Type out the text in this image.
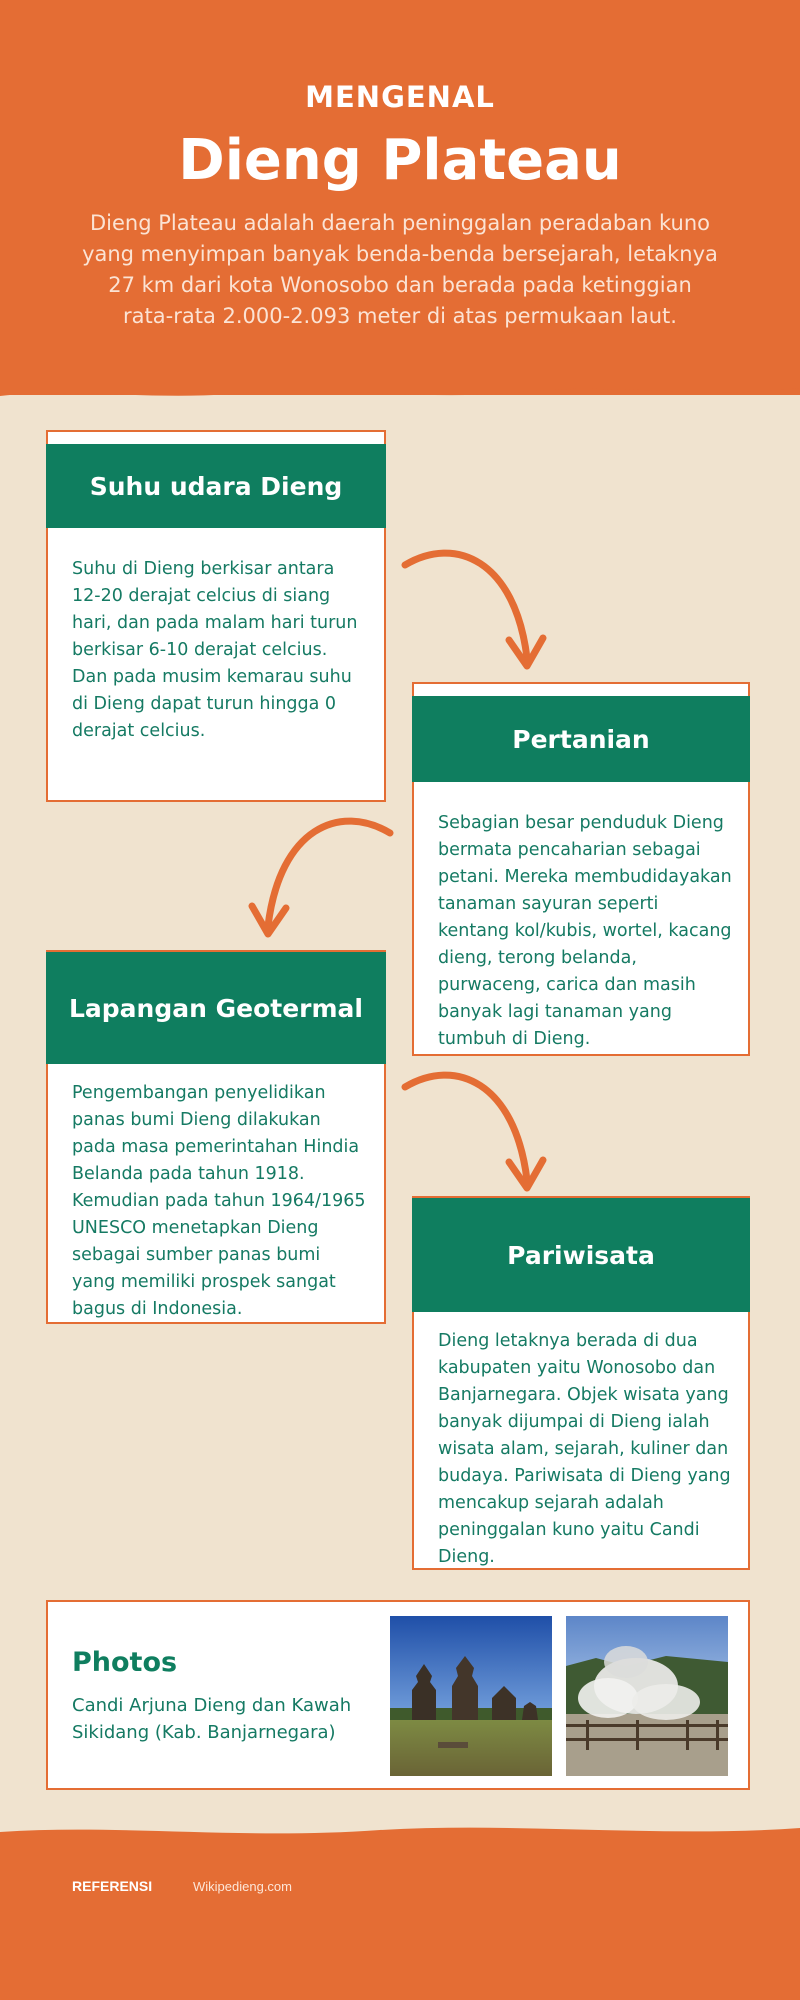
MENGENAL
Dieng Plateau
Dieng Plateau adalah daerah peninggalan peradaban kuno yang menyimpan banyak benda-benda bersejarah, letaknya 27 km dari kota Wonosobo dan berada pada ketinggian rata-rata 2.000-2.093 meter di atas permukaan laut.
Suhu udara Dieng
Suhu di Dieng berkisar antara 12-20 derajat celcius di siang hari, dan pada malam hari turun berkisar 6-10 derajat celcius. Dan pada musim kemarau suhu di Dieng dapat turun hingga 0 derajat celcius.	Pertanian
Sebagian besar penduduk Dieng bermata pencaharian sebagai petani. Mereka membudidayakan tanaman sayuran seperti kentang kol/kubis, wortel, kacang dieng, terong belanda, purwaceng, carica dan masih banyak lagi tanaman yang tumbuh di Dieng.
Lapangan Geotermal
Pengembangan penyelidikan panas bumi Dieng dilakukan pada masa pemerintahan Hindia Belanda pada tahun 1918. Kemudian pada tahun 1964/1965 UNESCO menetapkan Dieng sebagai sumber panas bumi yang memiliki prospek sangat bagus di Indonesia.
Pariwisata
Dieng letaknya berada di dua kabupaten yaitu Wonosobo dan Banjarnegara. Objek wisata yang banyak dijumpai di Dieng ialah wisata alam, sejarah, kuliner dan budaya. Pariwisata di Dieng yang mencakup sejarah adalah peninggalan kuno yaitu Candi Dieng.
Photos
Candi Arjuna Dieng dan Kawah Sikidang (Kab. Banjarnegara)
REFERENSI	Wikipedieng.com
